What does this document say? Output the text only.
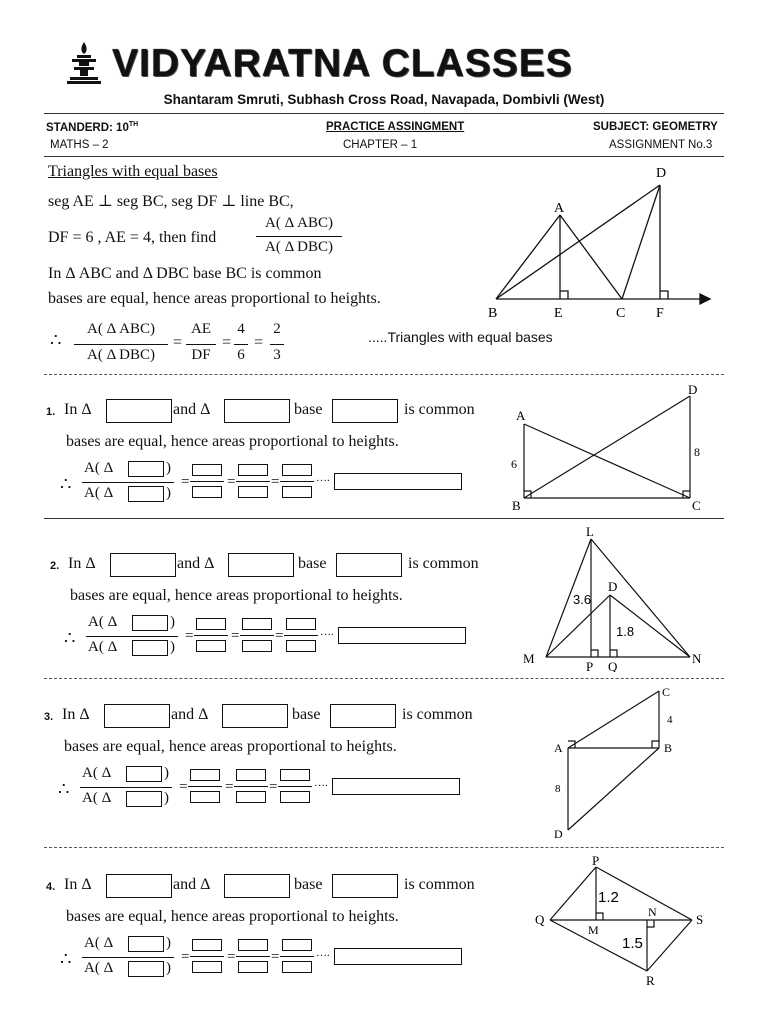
VIDYARATNA CLASSES
Shantaram Smruti, Subhash Cross Road, Navapada, Dombivli (West)
STANDERD: 10TH	PRACTICE ASSINGMENT	SUBJECT: GEOMETRY
MATHS – 2	CHAPTER – 1	ASSIGNMENT No.3
Triangles with equal bases
seg AE ⊥ seg BC, seg DF ⊥ line BC,
DF = 6 , AE = 4, then find
A( Δ ABC)
A( Δ DBC)
In Δ ABC and Δ DBC base BC is common
bases are equal, hence areas proportional to heights.
∴
A( Δ ABC)
A( Δ DBC)
=
AE
DF
=
4
6
=
2
3
.....Triangles with equal bases
A
B	C
D
E	F
1. In Δ	and Δ	base	is common
bases are equal, hence areas proportional to heights.
∴
A( Δ	)
A( Δ	)
=	= =	….
2. In Δ	and Δ	base	is common
bases are equal, hence areas proportional to heights.
∴
A( Δ	)
A( Δ	)
=	= =	….
3. In Δ	and Δ	base	is common
bases are equal, hence areas proportional to heights.
∴
A( Δ	)
A( Δ	)
=	= =	….
4. In Δ	and Δ	base	is common
bases are equal, hence areas proportional to heights.
∴
A( Δ	)
A( Δ	)
=	= =	….
A
B	C
D
6
8
L
D
M
P Q
N
3.6
1.8
A	B
C
D
4
8
P
Q
M
N	S
R
1.2
1.5
